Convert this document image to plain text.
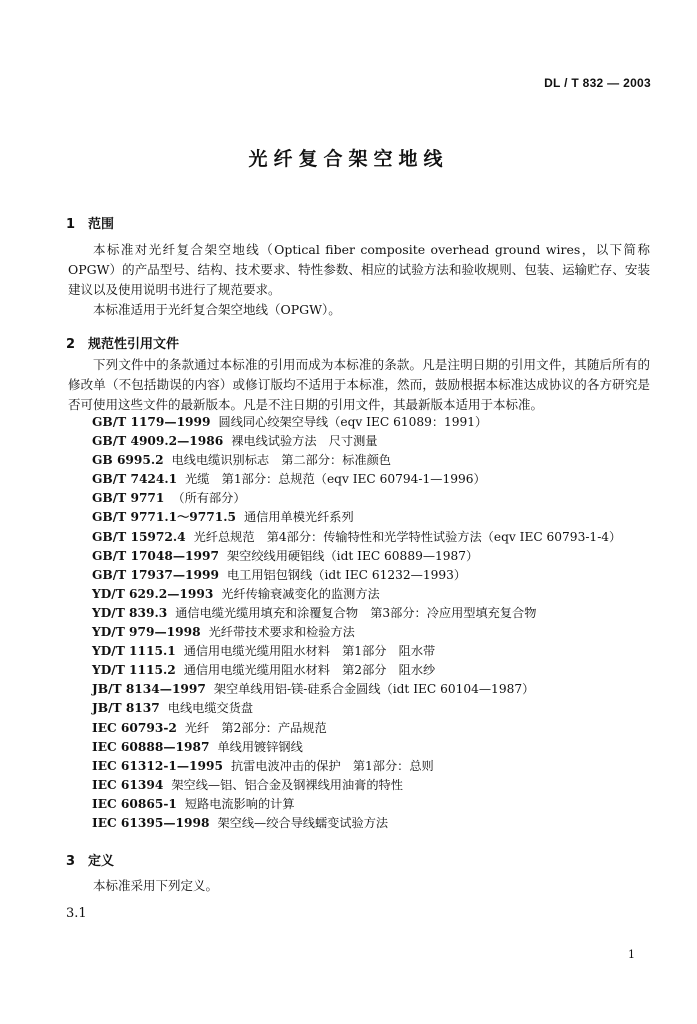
DL / T 832 — 2003
光纤复合架空地线
1 范围
本标准对光纤复合架空地线（Optical fiber composite overhead ground wires，以下简称OPGW）的产品型号、结构、技术要求、特性参数、相应的试验方法和验收规则、包装、运输贮存、安装建议以及使用说明书进行了规范要求。
本标准适用于光纤复合架空地线（OPGW）。
2 规范性引用文件
下列文件中的条款通过本标准的引用而成为本标准的条款。凡是注明日期的引用文件，其随后所有的修改单（不包括勘误的内容）或修订版均不适用于本标准，然而，鼓励根据本标准达成协议的各方研究是否可使用这些文件的最新版本。凡是不注日期的引用文件，其最新版本适用于本标准。
GB/T 1179—1999 圆线同心绞架空导线（eqv IEC 61089：1991）
GB/T 4909.2—1986 裸电线试验方法　尺寸测量
GB 6995.2 电线电缆识别标志　第二部分：标准颜色
GB/T 7424.1 光缆　第1部分：总规范（eqv IEC 60794-1—1996）
GB/T 9771 （所有部分）
GB/T 9771.1～9771.5 通信用单模光纤系列
GB/T 15972.4 光纤总规范　第4部分：传输特性和光学特性试验方法（eqv IEC 60793-1-4）
GB/T 17048—1997 架空绞线用硬铝线（idt IEC 60889—1987）
GB/T 17937—1999 电工用铝包钢线（idt IEC 61232—1993）
YD/T 629.2—1993 光纤传输衰减变化的监测方法
YD/T 839.3 通信电缆光缆用填充和涂覆复合物　第3部分：冷应用型填充复合物
YD/T 979—1998 光纤带技术要求和检验方法
YD/T 1115.1 通信用电缆光缆用阻水材料　第1部分　阻水带
YD/T 1115.2 通信用电缆光缆用阻水材料　第2部分　阻水纱
JB/T 8134—1997 架空单线用铝-镁-硅系合金圆线（idt IEC 60104—1987）
JB/T 8137 电线电缆交货盘
IEC 60793-2 光纤　第2部分：产品规范
IEC 60888—1987 单线用镀锌钢线
IEC 61312-1—1995 抗雷电波冲击的保护　第1部分：总则
IEC 61394 架空线—铝、铝合金及钢裸线用油膏的特性
IEC 60865-1 短路电流影响的计算
IEC 61395—1998 架空线—绞合导线蠕变试验方法
3 定义
本标准采用下列定义。
3.1
1
